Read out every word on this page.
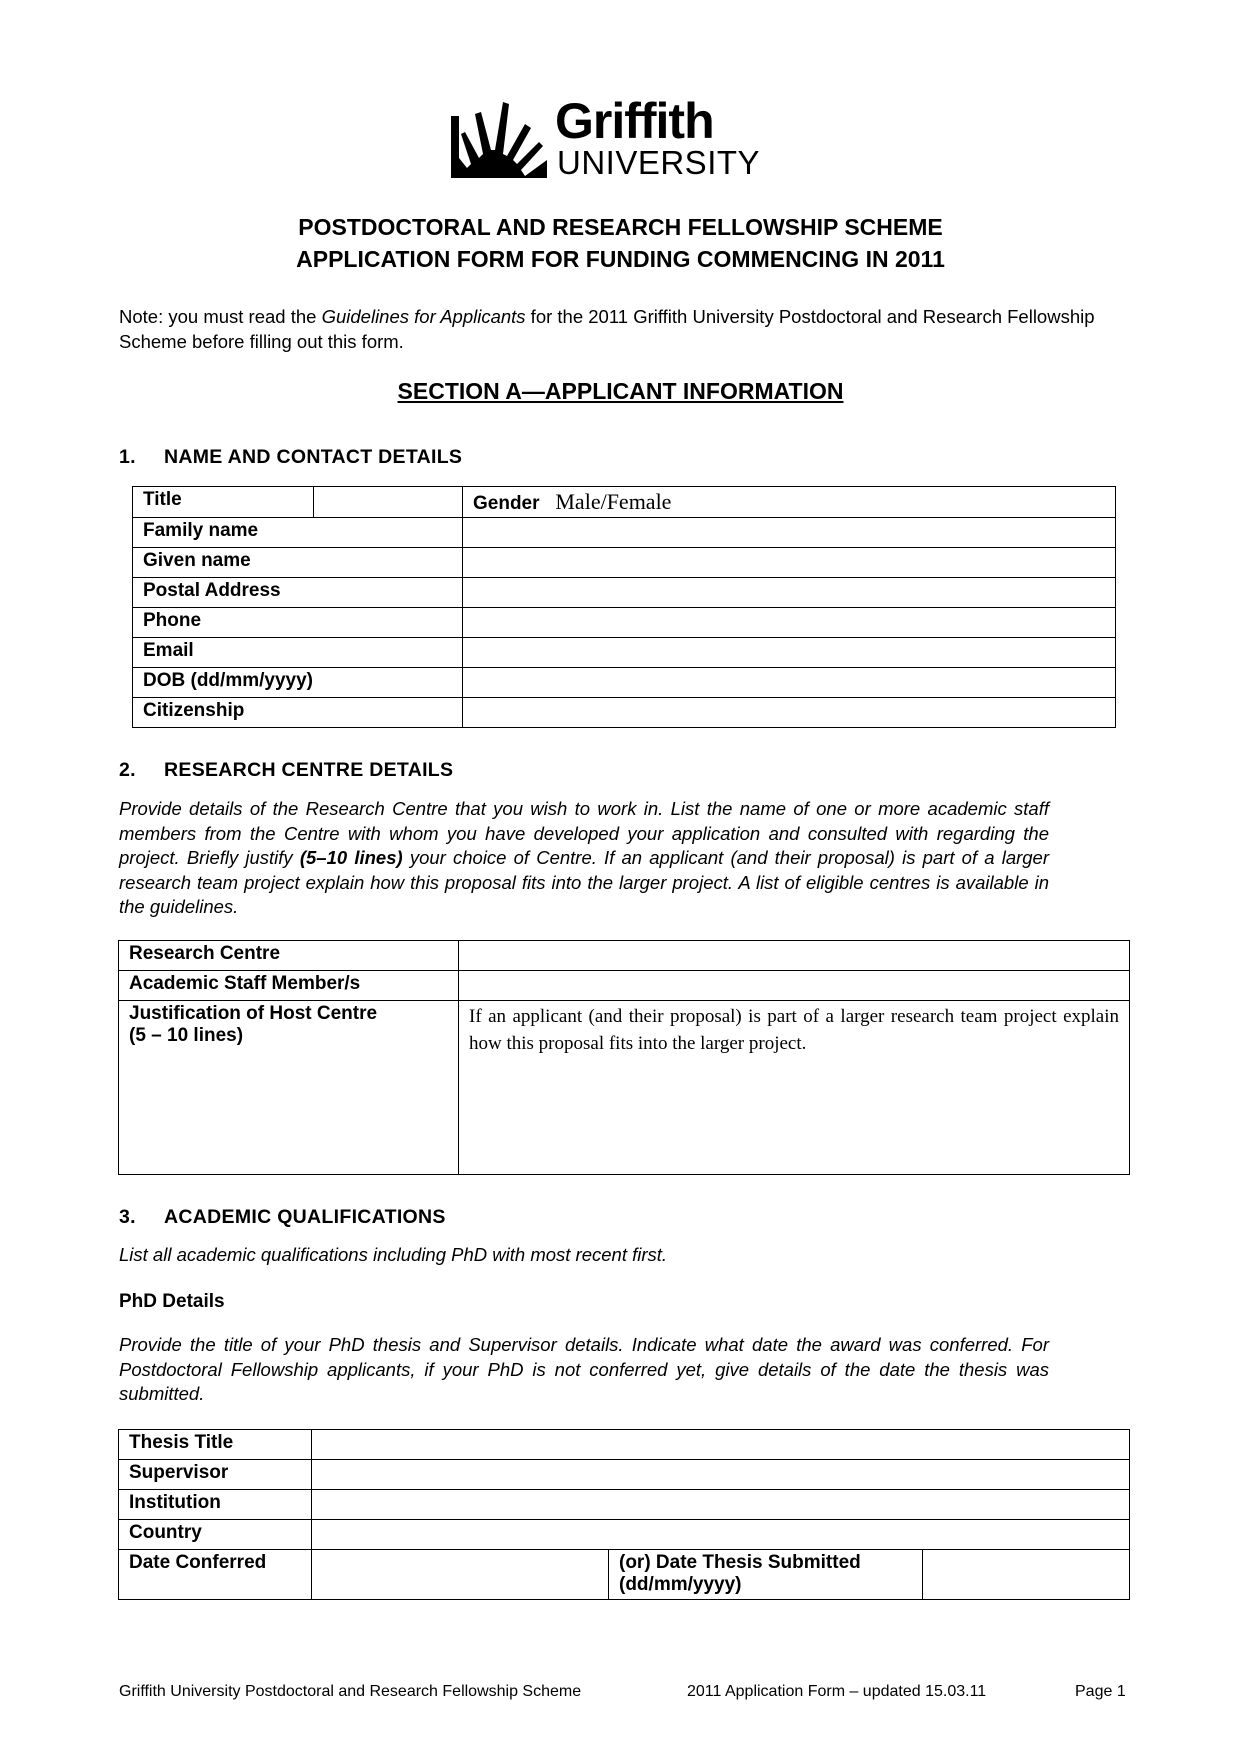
Griffith
UNIVERSITY
POSTDOCTORAL AND RESEARCH FELLOWSHIP SCHEME
APPLICATION FORM FOR FUNDING COMMENCING IN 2011
Note: you must read the Guidelines for Applicants for the 2011 Griffith University Postdoctoral and Research Fellowship Scheme before filling out this form.
SECTION A—APPLICANT INFORMATION
1. NAME AND CONTACT DETAILS
Title		Gender Male/Female
Family name		
Given name		
Postal Address		
Phone		
Email		
DOB (dd/mm/yyyy)		
Citizenship		
2. RESEARCH CENTRE DETAILS
Provide details of the Research Centre that you wish to work in. List the name of one or more academic staff members from the Centre with whom you have developed your application and consulted with regarding the project. Briefly justify (5–10 lines) your choice of Centre. If an applicant (and their proposal) is part of a larger research team project explain how this proposal fits into the larger project. A list of eligible centres is available in the guidelines.
Research Centre	
Academic Staff Member/s	
Justification of Host Centre
(5 – 10 lines)	If an applicant (and their proposal) is part of a larger research team project explain how this proposal fits into the larger project.
3. ACADEMIC QUALIFICATIONS
List all academic qualifications including PhD with most recent first.
PhD Details
Provide the title of your PhD thesis and Supervisor details. Indicate what date the award was conferred. For Postdoctoral Fellowship applicants, if your PhD is not conferred yet, give details of the date the thesis was submitted.
Thesis Title			
Supervisor			
Institution			
Country			
Date Conferred		(or) Date Thesis Submitted
(dd/mm/yyyy)	
Griffith University Postdoctoral and Research Fellowship Scheme	2011 Application Form – updated 15.03.11	Page 1
